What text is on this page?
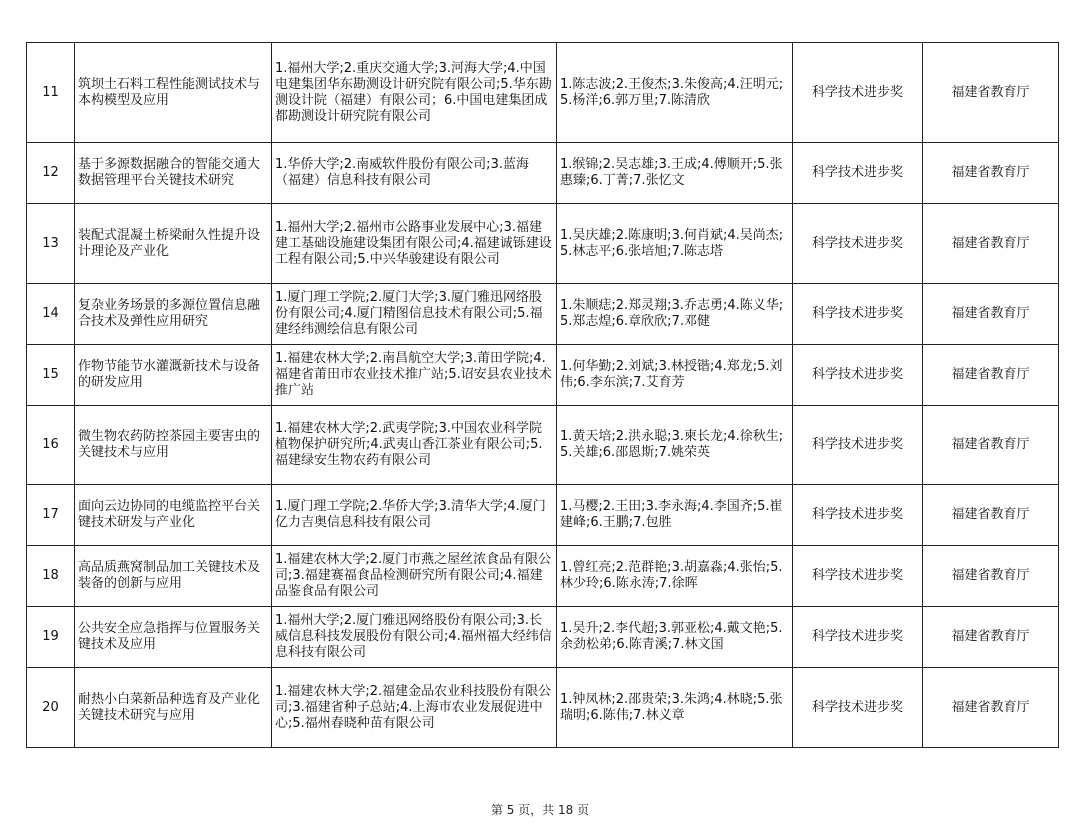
11	筑坝土石料工程性能测试技术与本构模型及应用	1.福州大学;2.重庆交通大学;3.河海大学;4.中国电建集团华东勘测设计研究院有限公司;5.华东勘测设计院（福建）有限公司；6.中国电建集团成都勘测设计研究院有限公司	1.陈志波;2.王俊杰;3.朱俊高;4.汪明元;5.杨洋;6.郭万里;7.陈清欣	科学技术进步奖	福建省教育厅
12	基于多源数据融合的智能交通大数据管理平台关键技术研究	1.华侨大学;2.南威软件股份有限公司;3.蓝海（福建）信息科技有限公司	1.缑锦;2.吴志雄;3.王成;4.傅顺开;5.张惠臻;6.丁菁;7.张忆文	科学技术进步奖	福建省教育厅
13	装配式混凝土桥梁耐久性提升设计理论及产业化	1.福州大学;2.福州市公路事业发展中心;3.福建建工基础设施建设集团有限公司;4.福建诚铄建设工程有限公司;5.中兴华骏建设有限公司	1.吴庆雄;2.陈康明;3.何肖斌;4.吴尚杰;5.林志平;6.张培旭;7.陈志塔	科学技术进步奖	福建省教育厅
14	复杂业务场景的多源位置信息融合技术及弹性应用研究	1.厦门理工学院;2.厦门大学;3.厦门雅迅网络股份有限公司;4.厦门精图信息技术有限公司;5.福建经纬测绘信息有限公司	1.朱顺痣;2.郑灵翔;3.乔志勇;4.陈义华;5.郑志煌;6.章欣欣;7.邓健	科学技术进步奖	福建省教育厅
15	作物节能节水灌溉新技术与设备的研发应用	1.福建农林大学;2.南昌航空大学;3.莆田学院;4.福建省莆田市农业技术推广站;5.诏安县农业技术推广站	1.何华勤;2.刘斌;3.林授锴;4.郑龙;5.刘伟;6.李东滨;7.艾育芳	科学技术进步奖	福建省教育厅
16	微生物农药防控茶园主要害虫的关键技术与应用	1.福建农林大学;2.武夷学院;3.中国农业科学院植物保护研究所;4.武夷山香江茶业有限公司;5.福建绿安生物农药有限公司	1.黄天培;2.洪永聪;3.柬长龙;4.徐秋生;5.关雄;6.邵恩斯;7.姚荣英	科学技术进步奖	福建省教育厅
17	面向云边协同的电缆监控平台关键技术研发与产业化	1.厦门理工学院;2.华侨大学;3.清华大学;4.厦门亿力吉奥信息科技有限公司	1.马樱;2.王田;3.李永海;4.李国齐;5.崔建峰;6.王鹏;7.包胜	科学技术进步奖	福建省教育厅
18	高品质燕窝制品加工关键技术及装备的创新与应用	1.福建农林大学;2.厦门市燕之屋丝浓食品有限公司;3.福建赛福食品检测研究所有限公司;4.福建品鉴食品有限公司	1.曾红亮;2.范群艳;3.胡嘉淼;4.张怡;5.林少玲;6.陈永涛;7.徐晖	科学技术进步奖	福建省教育厅
19	公共安全应急指挥与位置服务关键技术及应用	1.福州大学;2.厦门雅迅网络股份有限公司;3.长威信息科技发展股份有限公司;4.福州福大经纬信息科技有限公司	1.吴升;2.李代超;3.郭亚松;4.戴文艳;5.余劲松弟;6.陈青溪;7.林文国	科学技术进步奖	福建省教育厅
20	耐热小白菜新品种选育及产业化关键技术研究与应用	1.福建农林大学;2.福建金品农业科技股份有限公司;3.福建省种子总站;4.上海市农业发展促进中心;5.福州春晓种苗有限公司	1.钟凤林;2.邵贵荣;3.朱鸿;4.林晓;5.张瑞明;6.陈伟;7.林义章	科学技术进步奖	福建省教育厅
第 5 页，共 18 页
